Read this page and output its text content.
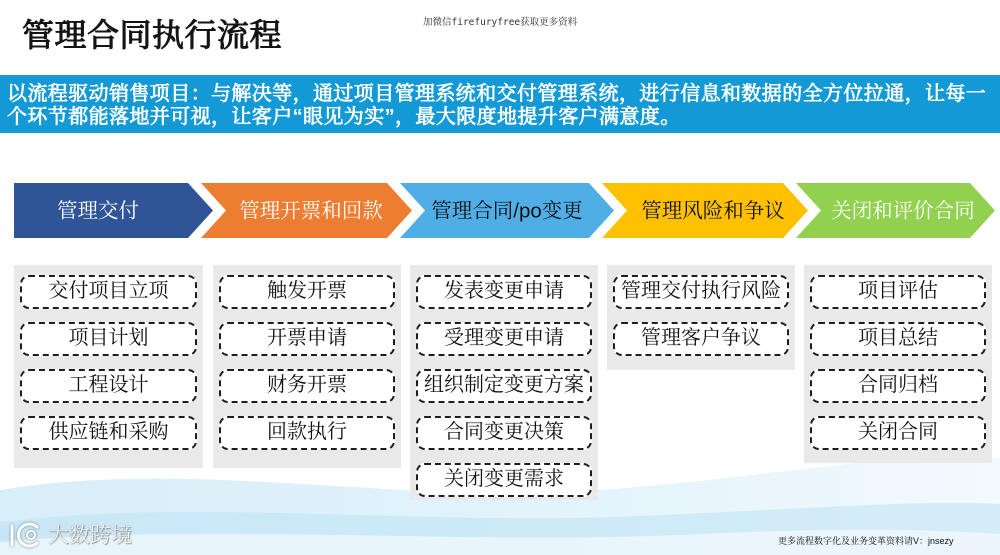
管理合同执行流程	加微信firefuryfree获取更多资料
以流程驱动销售项目：与解决等，通过项目管理系统和交付管理系统，进行信息和数据的全方位拉通，让每一个环节都能落地并可视，让客户“眼见为实”，最大限度地提升客户满意度。
管理交付	管理开票和回款 管理合同/po变更	管理风险和争议 关闭和评价合同
交付项目立项
项目计划
工程设计
供应链和采购
触发开票
开票申请
财务开票
回款执行
发表变更申请
受理变更申请
组织制定变更方案
合同变更决策
关闭变更需求
管理交付执行风险
管理客户争议
项目评估
项目总结
合同归档
关闭合同
大数跨境	更多流程数字化及业务变革资料请V：jnsezy
